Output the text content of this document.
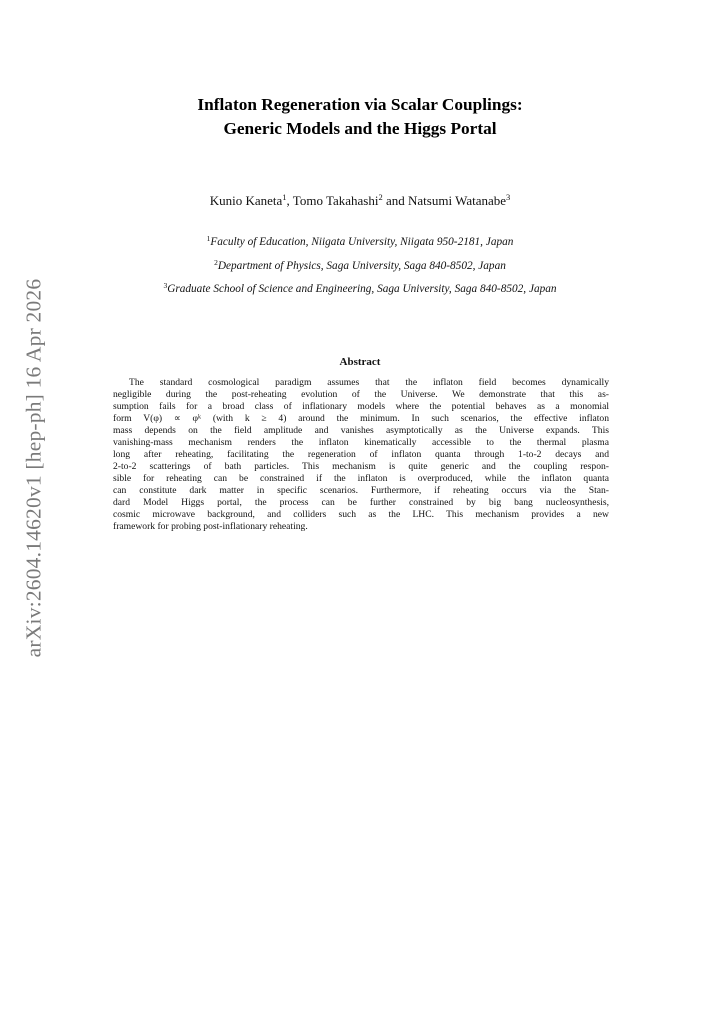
arXiv:2604.14620v1 [hep-ph] 16 Apr 2026
Inflaton Regeneration via Scalar Couplings:
Generic Models and the Higgs Portal
Kunio Kaneta$^1$, Tomo Takahashi$^2$ and Natsumi Watanabe$^3$
$^1$Faculty of Education, Niigata University, Niigata 950-2181, Japan
$^2$Department of Physics, Saga University, Saga 840-8502, Japan
$^3$Graduate School of Science and Engineering, Saga University, Saga 840-8502, Japan
Abstract
The standard cosmological paradigm assumes that the inflaton field becomes dynamically
negligible during the post-reheating evolution of the Universe. We demonstrate that this as-
sumption fails for a broad class of inflationary models where the potential behaves as a monomial
form V(φ) ∝ φᵏ (with k ≥ 4) around the minimum. In such scenarios, the effective inflaton
mass depends on the field amplitude and vanishes asymptotically as the Universe expands. This
vanishing-mass mechanism renders the inflaton kinematically accessible to the thermal plasma
long after reheating, facilitating the regeneration of inflaton quanta through 1-to-2 decays and
2-to-2 scatterings of bath particles. This mechanism is quite generic and the coupling respon-
sible for reheating can be constrained if the inflaton is overproduced, while the inflaton quanta
can constitute dark matter in specific scenarios. Furthermore, if reheating occurs via the Stan-
dard Model Higgs portal, the process can be further constrained by big bang nucleosynthesis,
cosmic microwave background, and colliders such as the LHC. This mechanism provides a new
framework for probing post-inflationary reheating.
